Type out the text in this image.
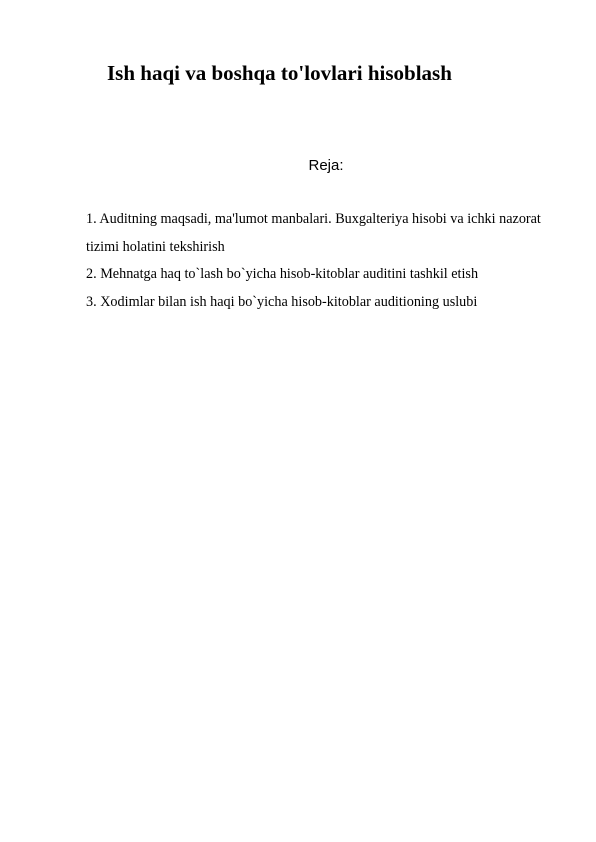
Ish haqi va boshqa to'lovlari hisoblash
Reja:
1. Auditning maqsadi, ma'lumot manbalari. Buxgalteriya hisobi va ichki nazorat tizimi holatini tekshirish
2. Mehnatga haq to`lash bo`yicha hisob-kitoblar auditini tashkil etish
3. Xodimlar bilan ish haqi bo`yicha hisob-kitoblar auditioning uslubi
